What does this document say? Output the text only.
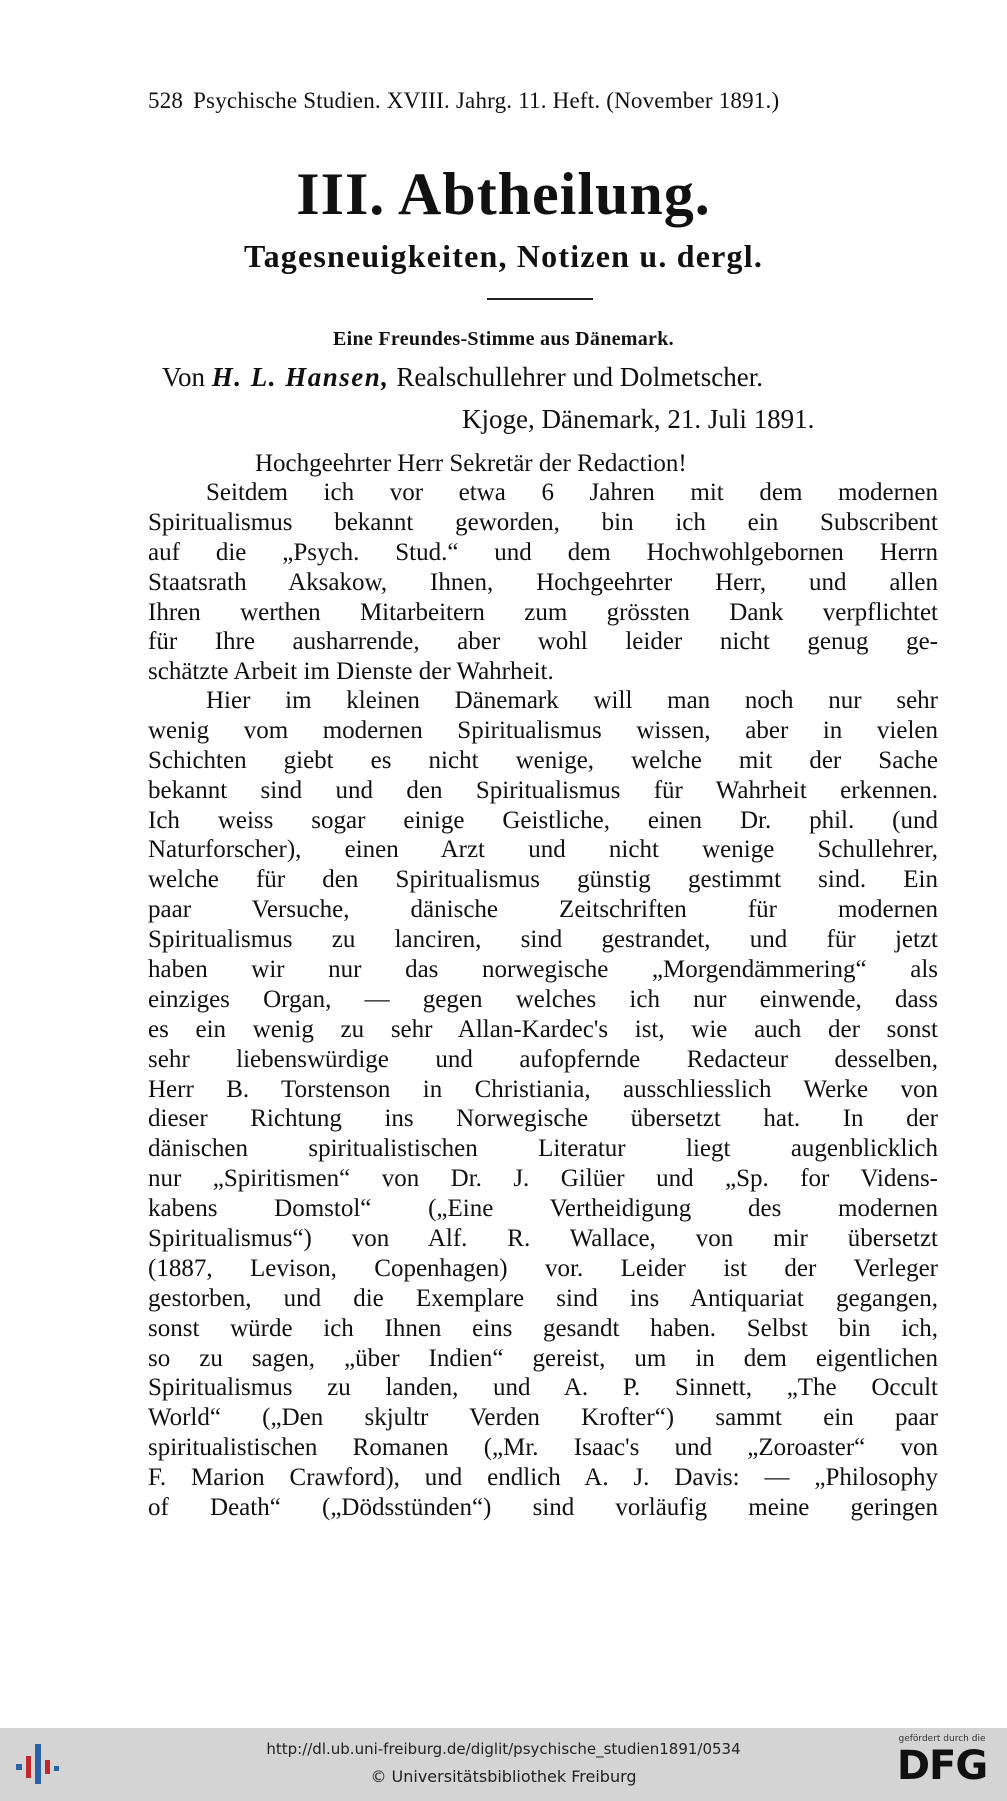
528 Psychische Studien. XVIII. Jahrg. 11. Heft. (November 1891.)
III. Abtheilung.
Tagesneuigkeiten, Notizen u. dergl.
Eine Freundes-Stimme aus Dänemark.
Von H. L. Hansen, Realschullehrer und Dolmetscher.
Kjoge, Dänemark, 21. Juli 1891.
Hochgeehrter Herr Sekretär der Redaction!
Seitdem ich vor etwa 6 Jahren mit dem modernen
Spiritualismus bekannt geworden, bin ich ein Subscribent
auf die „Psych. Stud.“ und dem Hochwohlgebornen Herrn
Staatsrath Aksakow, Ihnen, Hochgeehrter Herr, und allen
Ihren werthen Mitarbeitern zum grössten Dank verpflichtet
für Ihre ausharrende, aber wohl leider nicht genug ge-
schätzte Arbeit im Dienste der Wahrheit.
Hier im kleinen Dänemark will man noch nur sehr
wenig vom modernen Spiritualismus wissen, aber in vielen
Schichten giebt es nicht wenige, welche mit der Sache
bekannt sind und den Spiritualismus für Wahrheit erkennen.
Ich weiss sogar einige Geistliche, einen Dr. phil. (und
Naturforscher), einen Arzt und nicht wenige Schullehrer,
welche für den Spiritualismus günstig gestimmt sind. Ein
paar Versuche, dänische Zeitschriften für modernen
Spiritualismus zu lanciren, sind gestrandet, und für jetzt
haben wir nur das norwegische „Morgendämmering“ als
einziges Organ, — gegen welches ich nur einwende, dass
es ein wenig zu sehr Allan-Kardec's ist, wie auch der sonst
sehr liebenswürdige und aufopfernde Redacteur desselben,
Herr B. Torstenson in Christiania, ausschliesslich Werke von
dieser Richtung ins Norwegische übersetzt hat. In der
dänischen spiritualistischen Literatur liegt augenblicklich
nur „Spiritismen“ von Dr. J. Gilüer und „Sp. for Videns-
kabens Domstol“ („Eine Vertheidigung des modernen
Spiritualismus“) von Alf. R. Wallace, von mir übersetzt
(1887, Levison, Copenhagen) vor. Leider ist der Verleger
gestorben, und die Exemplare sind ins Antiquariat gegangen,
sonst würde ich Ihnen eins gesandt haben. Selbst bin ich,
so zu sagen, „über Indien“ gereist, um in dem eigentlichen
Spiritualismus zu landen, und A. P. Sinnett, „The Occult
World“ („Den skjultr Verden Krofter“) sammt ein paar
spiritualistischen Romanen („Mr. Isaac's und „Zoroaster“ von
F. Marion Crawford), und endlich A. J. Davis: — „Philosophy
of Death“ („Dödsstünden“) sind vorläufig meine geringen
http://dl.ub.uni-freiburg.de/diglit/psychische_studien1891/0534
© Universitätsbibliothek Freiburg
gefördert durch die
DFG
